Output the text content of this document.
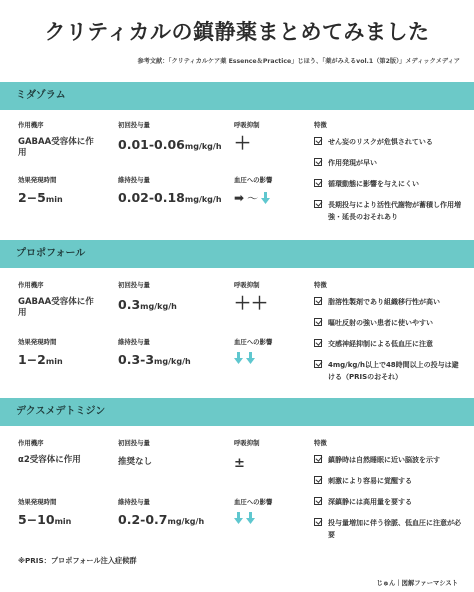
クリティカルの鎮静薬まとめてみました
参考文献：「クリティカルケア薬 Essence＆Practice」じほう、「薬がみえるvol.1（第2版）」メディックメディア
ミダゾラム
作用機序
GABAA受容体に作用
効果発現時間
2−5min
初回投与量
0.01-0.06mg/kg/h
維持投与量
0.02-0.18mg/kg/h
呼吸抑制
＋
血圧への影響
➡ 〜
特徴
せん妄のリスクが危惧されている
作用発現が早い
循環動態に影響を与えにくい
長期投与により活性代謝物が蓄積し作用増強・延長のおそれあり
プロポフォール
作用機序
GABAA受容体に作用
効果発現時間
1−2min
初回投与量
0.3mg/kg/h
維持投与量
0.3-3mg/kg/h
呼吸抑制
＋＋
血圧への影響
特徴
脂溶性製剤であり組織移行性が高い
嘔吐反射の強い患者に使いやすい
交感神経抑制による低血圧に注意
4mg/kg/h以上で48時間以上の投与は避ける（PRISのおそれ）
デクスメデトミジン
作用機序
α2受容体に作用
効果発現時間
5−10min
初回投与量
推奨なし
維持投与量
0.2-0.7mg/kg/h
呼吸抑制
±
血圧への影響
特徴
鎮静時は自然睡眠に近い脳波を示す
刺激により容易に覚醒する
深鎮静には高用量を要する
投与量増加に伴う徐脈、低血圧に注意が必要
※PRIS：プロポフォール注入症候群
じゅん｜図解ファーマシスト
